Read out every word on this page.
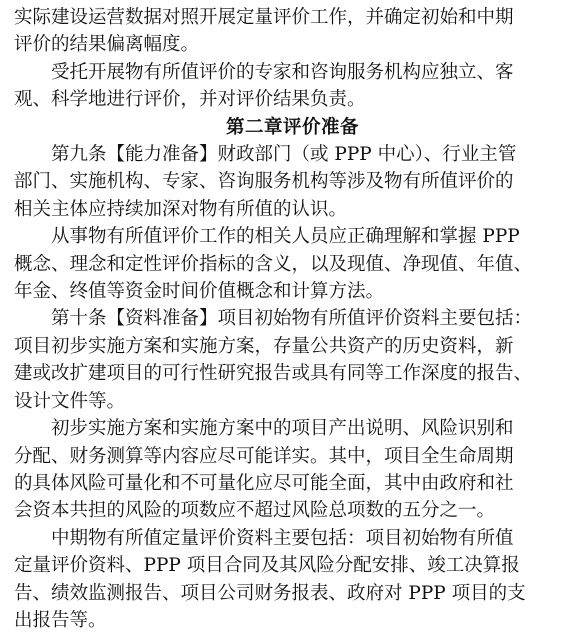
实际建设运营数据对照开展定量评价工作，并确定初始和中期
评价的结果偏离幅度。

受托开展物有所值评价的专家和咨询服务机构应独立、客
观、科学地进行评价，并对评价结果负责。

第二章评价准备

第九条【能力准备】财政部门（或 PPP 中心）、行业主管
部门、实施机构、专家、咨询服务机构等涉及物有所值评价的
相关主体应持续加深对物有所值的认识。

从事物有所值评价工作的相关人员应正确理解和掌握 PPP
概念、理念和定性评价指标的含义，以及现值、净现值、年值、
年金、终值等资金时间价值概念和计算方法。

第十条【资料准备】项目初始物有所值评价资料主要包括：
项目初步实施方案和实施方案，存量公共资产的历史资料，新
建或改扩建项目的可行性研究报告或具有同等工作深度的报告、
设计文件等。

初步实施方案和实施方案中的项目产出说明、风险识别和
分配、财务测算等内容应尽可能详实。其中，项目全生命周期
的具体风险可量化和不可量化应尽可能全面，其中由政府和社
会资本共担的风险的项数应不超过风险总项数的五分之一。

中期物有所值定量评价资料主要包括：项目初始物有所值
定量评价资料、PPP 项目合同及其风险分配安排、竣工决算报
告、绩效监测报告、项目公司财务报表、政府对 PPP 项目的支
出报告等。
